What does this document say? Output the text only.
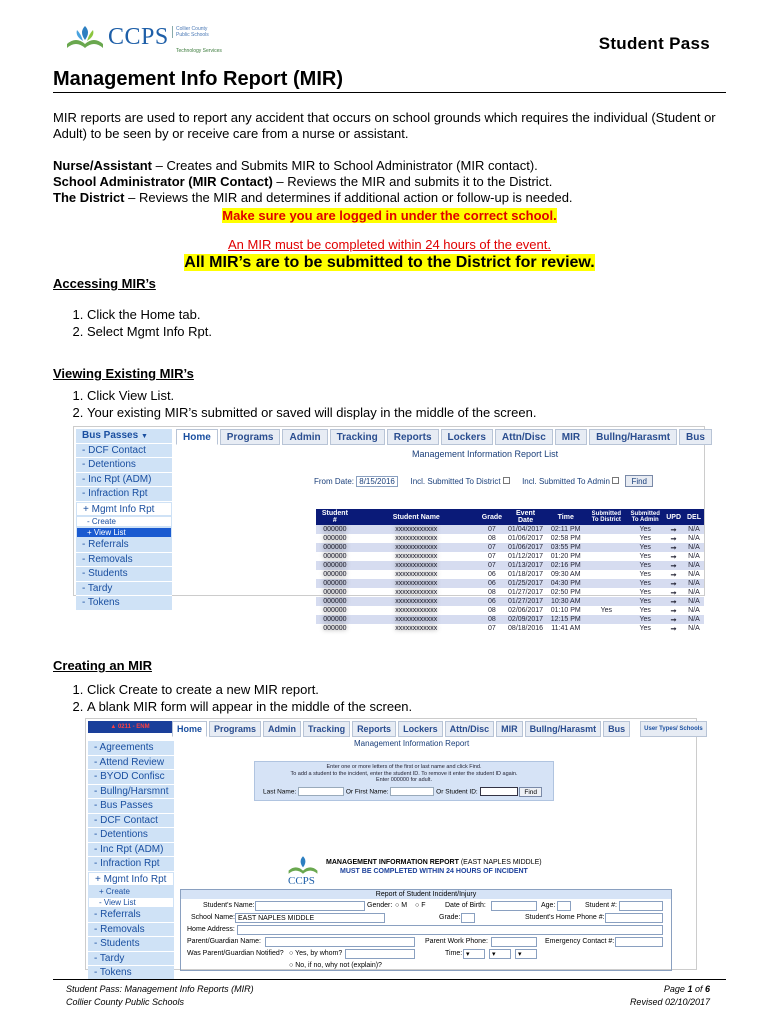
CCPS Collier County
Public Schools
Technology Services	Student Pass
Management Info Report (MIR)
MIR reports are used to report any accident that occurs on school grounds which requires the individual (Student or Adult) to be seen by or receive care from a nurse or assistant.
Nurse/Assistant – Creates and Submits MIR to School Administrator (MIR contact).
School Administrator (MIR Contact) – Reviews the MIR and submits it to the District.
The District – Reviews the MIR and determines if additional action or follow-up is needed.
Make sure you are logged in under the correct school.
An MIR must be completed within 24 hours of the event.
All MIR’s are to be submitted to the District for review.
Accessing MIR’s
1. Click the Home tab.
2. Select Mgmt Info Rpt.
Viewing Existing MIR’s
1. Click View List.
2. Your existing MIR’s submitted or saved will display in the middle of the screen.
Bus Passes ▼
- DCF Contact
- Detentions
- Inc Rpt (ADM)
- Infraction Rpt
+ Mgmt Info Rpt
- Create
+ View List
- Referrals
- Removals
- Students
- Tardy
- Tokens
Home	Programs	Admin	Tracking	Reports	Lockers	Attn/Disc	MIR	Bullng/Harasmt	Bus
Management Information Report List
From Date: 8/15/2016 Incl. Submitted To District	Incl. Submitted To Admin	Find
Student #	Student Name	Grade	Event Date	Time	Submitted To District	Submitted To Admin	UPD	DEL
000000	xxxxxxxxxxxx	07	01/04/2017	02:11 PM		Yes	➞	N/A
000000	xxxxxxxxxxxx	08	01/06/2017	02:58 PM		Yes	➞	N/A
000000	xxxxxxxxxxxx	07	01/06/2017	03:55 PM		Yes	➞	N/A
000000	xxxxxxxxxxxx	07	01/12/2017	01:20 PM		Yes	➞	N/A
000000	xxxxxxxxxxxx	07	01/13/2017	02:16 PM		Yes	➞	N/A
000000	xxxxxxxxxxxx	06	01/18/2017	09:30 AM		Yes	➞	N/A
000000	xxxxxxxxxxxx	06	01/25/2017	04:30 PM		Yes	➞	N/A
000000	xxxxxxxxxxxx	08	01/27/2017	02:50 PM		Yes	➞	N/A
000000	xxxxxxxxxxxx	06	01/27/2017	10:30 AM		Yes	➞	N/A
000000	xxxxxxxxxxxx	08	02/06/2017	01:10 PM	Yes	Yes	➞	N/A
000000	xxxxxxxxxxxx	08	02/09/2017	12:15 PM		Yes	➞	N/A
000000	xxxxxxxxxxxx	07	08/18/2016	11:41 AM		Yes	➞	N/A
Creating an MIR
1. Click Create to create a new MIR report.
2. A blank MIR form will appear in the middle of the screen.
▲ 0211 - ENM
- Agreements
- Attend Review
- BYOD Confisc
- Bullng/Harsmnt
- Bus Passes
- DCF Contact
- Detentions
- Inc Rpt (ADM)
- Infraction Rpt
+ Mgmt Info Rpt
+ Create
- View List
- Referrals
- Removals
- Students
- Tardy
- Tokens
Home	Programs	Admin	Tracking	Reports	Lockers	Attn/Disc	MIR	Bullng/Harasmt	Bus	User Types/ Schools
Management Information Report
Enter one or more letters of the first or last name and click Find.
To add a student to the incident, enter the student ID. To remove it enter the student ID again.
Enter 000000 for adult.
Last Name:	Or First Name:	Or Student ID:	Find
CCPS
MANAGEMENT INFORMATION REPORT (EAST NAPLES MIDDLE)
MUST BE COMPLETED WITHIN 24 HOURS OF INCIDENT
Report of Student Incident/Injury
Student's Name:	Gender: ○ M ○ F	Date of Birth:	Age:	Student #:
School Name: EAST NAPLES MIDDLE	Grade:	Student's Home Phone #:
Home Address:
Parent/Guardian Name:	Parent Work Phone:	Emergency Contact #:
Was Parent/Guardian Notified? ○ Yes, by whom?	Time: ▾	▾	▾
○ No, if no, why not (explain)?
Student Pass: Management Info Reports (MIR)
Collier County Public Schools
Page 1 of 6
Revised 02/10/2017
